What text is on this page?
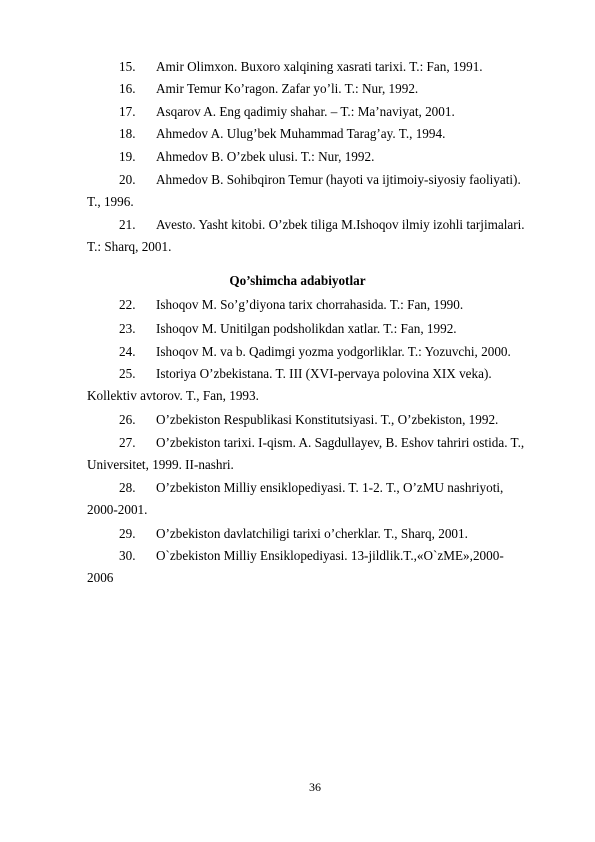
15. Amir Olimxon. Buxoro xalqining xasrati tarixi. T.: Fan, 1991.
16. Amir Temur Ko’ragon. Zafar yo’li. T.: Nur, 1992.
17. Asqarov A. Eng qadimiy shahar. – T.: Ma’naviyat, 2001.
18. Ahmedov A. Ulug’bek Muhammad Tarag’ay. T., 1994.
19. Ahmedov B. O’zbek ulusi. T.: Nur, 1992.
20. Ahmedov B. Sohibqiron Temur (hayoti va ijtimoiy-siyosiy faoliyati).
T., 1996.
21. Avesto. Yasht kitobi. O’zbek tiliga M.Ishoqov ilmiy izohli tarjimalari.
T.: Sharq, 2001.
Qo’shimcha adabiyotlar
22. Ishoqov M. So’g’diyona tarix chorrahasida. T.: Fan, 1990.
23. Ishoqov M. Unitilgan podsholikdan xatlar. T.: Fan, 1992.
24. Ishoqov M. va b. Qadimgi yozma yodgorliklar. T.: Yozuvchi, 2000.
25. Istoriya O’zbekistana. T. III (XVI-pervaya polovina XIX veka).
Kollektiv avtorov. T., Fan, 1993.
26. O’zbekiston Respublikasi Konstitutsiyasi. T., O’zbekiston, 1992.
27. O’zbekiston tarixi. I-qism. A. Sagdullayev, B. Eshov tahriri ostida. T.,
Universitet, 1999. II-nashri.
28. O’zbekiston Milliy ensiklopediyasi. T. 1-2. T., O’zMU nashriyoti,
2000-2001.
29. O’zbekiston davlatchiligi tarixi o’cherklar. T., Sharq, 2001.
30. O`zbekiston Milliy Ensiklopediyasi. 13-jildlik.T.,«O`zME»,2000-
2006
36
